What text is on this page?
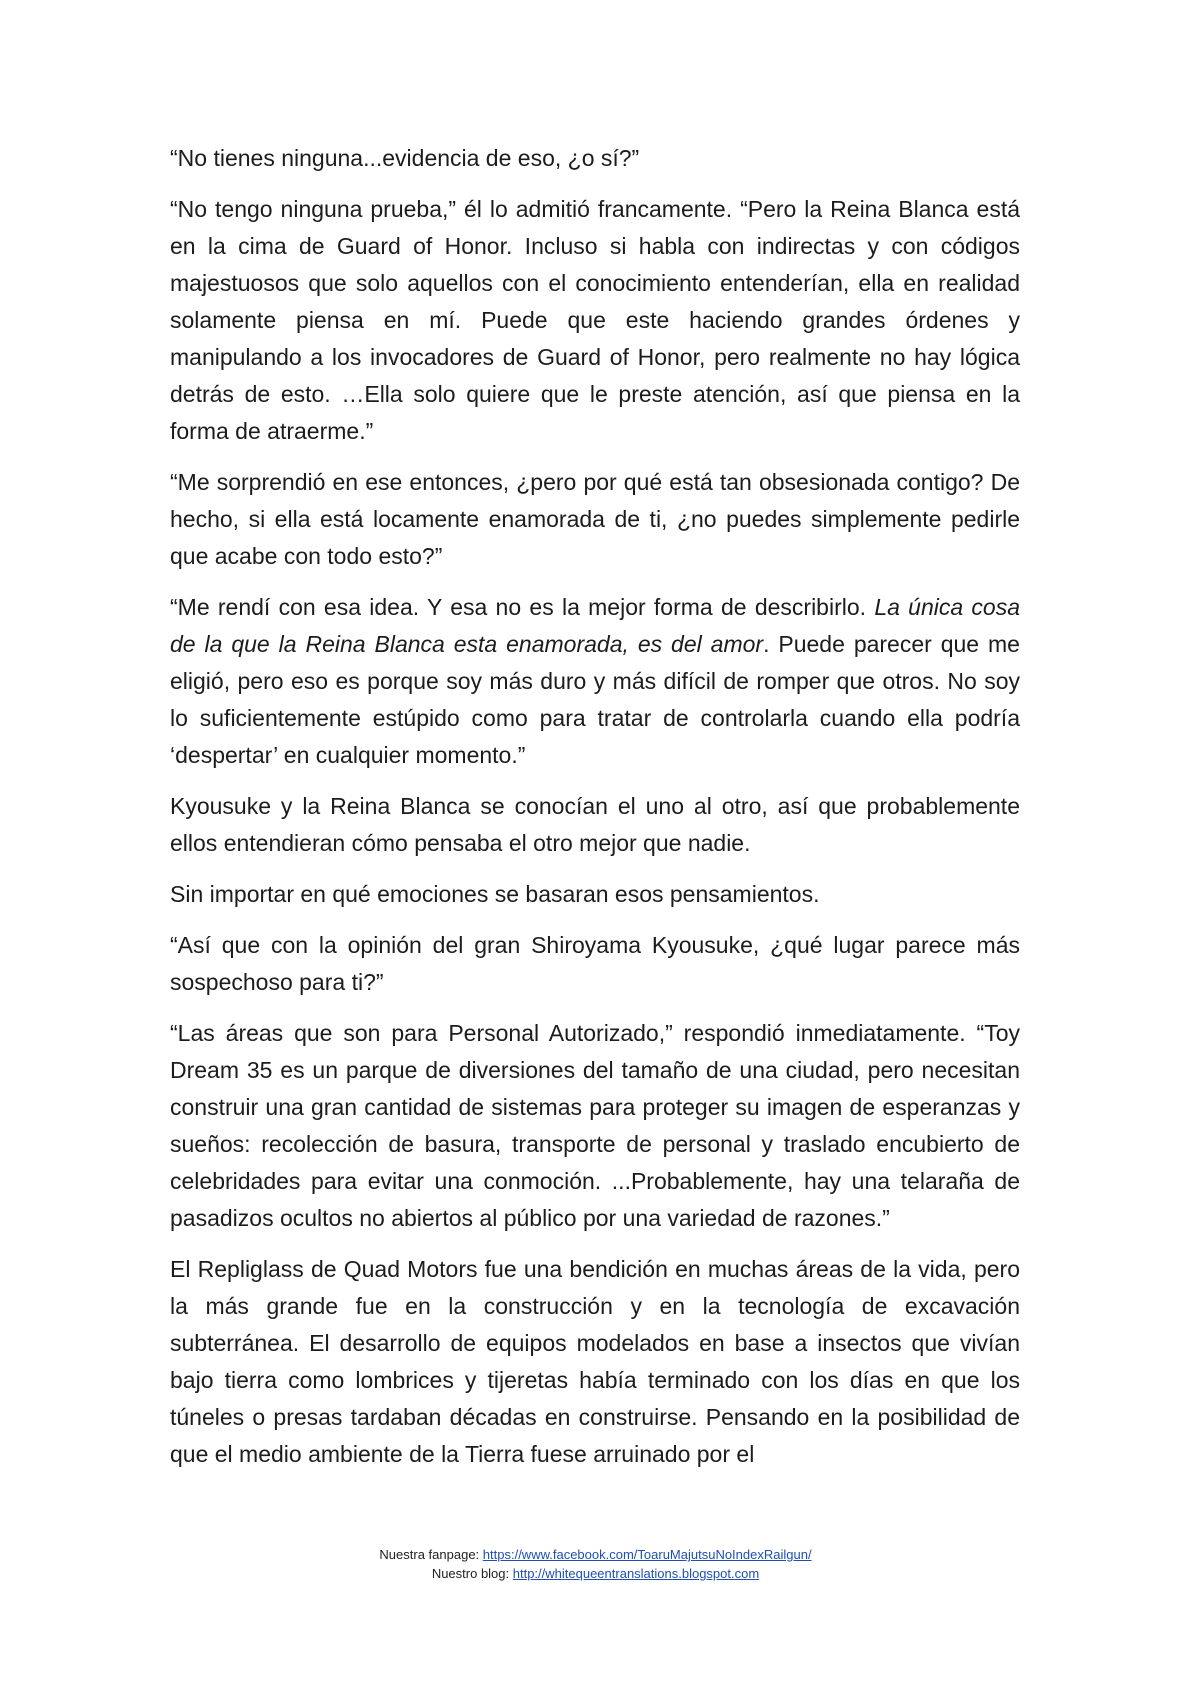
“No tienes ninguna...evidencia de eso, ¿o sí?”

“No tengo ninguna prueba,” él lo admitió francamente. “Pero la Reina Blanca está en la cima de Guard of Honor. Incluso si habla con indirectas y con códigos majestuosos que solo aquellos con el conocimiento entenderían, ella en realidad solamente piensa en mí. Puede que este haciendo grandes órdenes y manipulando a los invocadores de Guard of Honor, pero realmente no hay lógica detrás de esto. …Ella solo quiere que le preste atención, así que piensa en la forma de atraerme.”

“Me sorprendió en ese entonces, ¿pero por qué está tan obsesionada contigo? De hecho, si ella está locamente enamorada de ti, ¿no puedes simplemente pedirle que acabe con todo esto?”

“Me rendí con esa idea. Y esa no es la mejor forma de describirlo. La única cosa de la que la Reina Blanca esta enamorada, es del amor. Puede parecer que me eligió, pero eso es porque soy más duro y más difícil de romper que otros. No soy lo suficientemente estúpido como para tratar de controlarla cuando ella podría ‘despertar’ en cualquier momento.”

Kyousuke y la Reina Blanca se conocían el uno al otro, así que probablemente ellos entendieran cómo pensaba el otro mejor que nadie.

Sin importar en qué emociones se basaran esos pensamientos.

“Así que con la opinión del gran Shiroyama Kyousuke, ¿qué lugar parece más sospechoso para ti?”

“Las áreas que son para Personal Autorizado,” respondió inmediatamente. “Toy Dream 35 es un parque de diversiones del tamaño de una ciudad, pero necesitan construir una gran cantidad de sistemas para proteger su imagen de esperanzas y sueños: recolección de basura, transporte de personal y traslado encubierto de celebridades para evitar una conmoción. ...Probablemente, hay una telaraña de pasadizos ocultos no abiertos al público por una variedad de razones.”

El Repliglass de Quad Motors fue una bendición en muchas áreas de la vida, pero la más grande fue en la construcción y en la tecnología de excavación subterránea. El desarrollo de equipos modelados en base a insectos que vivían bajo tierra como lombrices y tijeretas había terminado con los días en que los túneles o presas tardaban décadas en construirse. Pensando en la posibilidad de que el medio ambiente de la Tierra fuese arruinado por el

Nuestra fanpage: https://www.facebook.com/ToaruMajutsuNoIndexRailgun/
Nuestro blog: http://whitequeentranslations.blogspot.com
